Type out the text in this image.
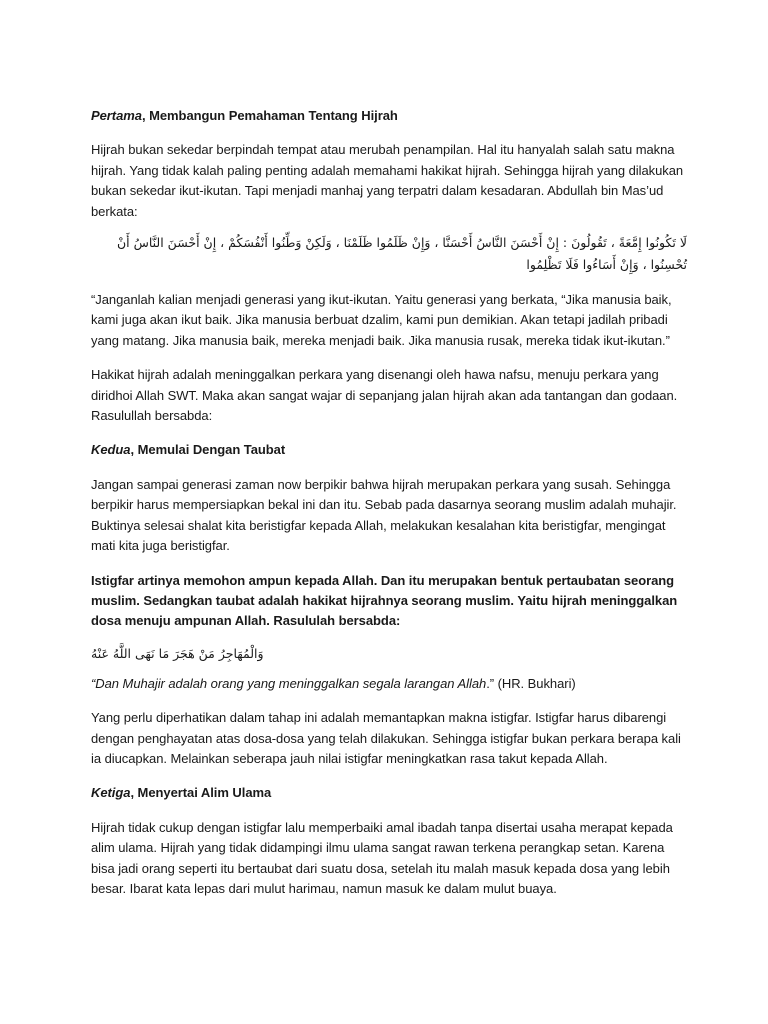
Pertama, Membangun Pemahaman Tentang Hijrah

Hijrah bukan sekedar berpindah tempat atau merubah penampilan. Hal itu hanyalah salah satu makna hijrah. Yang tidak kalah paling penting adalah memahami hakikat hijrah. Sehingga hijrah yang dilakukan bukan sekedar ikut-ikutan. Tapi menjadi manhaj yang terpatri dalam kesadaran. Abdullah bin Mas’ud berkata:

لَا تَكُونُوا إِمَّعَةً ، تَقُولُونَ : إِنْ أَحْسَنَ النَّاسُ أَحْسَنَّا ، وَإِنْ ظَلَمُوا ظَلَمْنَا ، وَلَكِنْ وَطِّنُوا أَنْفُسَكُمْ ، إِنْ أَحْسَنَ النَّاسُ أَنْ تُحْسِنُوا ، وَإِنْ أَسَاءُوا فَلَا تَظْلِمُوا

“Janganlah kalian menjadi generasi yang ikut-ikutan. Yaitu generasi yang berkata, “Jika manusia baik, kami juga akan ikut baik. Jika manusia berbuat dzalim, kami pun demikian. Akan tetapi jadilah pribadi yang matang. Jika manusia baik, mereka menjadi baik. Jika manusia rusak, mereka tidak ikut-ikutan.”

Hakikat hijrah adalah meninggalkan perkara yang disenangi oleh hawa nafsu, menuju perkara yang diridhoi Allah SWT. Maka akan sangat wajar di sepanjang jalan hijrah akan ada tantangan dan godaan. Rasulullah bersabda:

Kedua, Memulai Dengan Taubat

Jangan sampai generasi zaman now berpikir bahwa hijrah merupakan perkara yang susah. Sehingga berpikir harus mempersiapkan bekal ini dan itu. Sebab pada dasarnya seorang muslim adalah muhajir. Buktinya selesai shalat kita beristigfar kepada Allah, melakukan kesalahan kita beristigfar, mengingat mati kita juga beristigfar.

Istigfar artinya memohon ampun kepada Allah. Dan itu merupakan bentuk pertaubatan seorang muslim. Sedangkan taubat adalah hakikat hijrahnya seorang muslim. Yaitu hijrah meninggalkan dosa menuju ampunan Allah. Rasululah bersabda:

وَالْمُهَاجِرُ مَنْ هَجَرَ مَا نَهَى اللَّهُ عَنْهُ

“Dan Muhajir adalah orang yang meninggalkan segala larangan Allah.” (HR. Bukhari)

Yang perlu diperhatikan dalam tahap ini adalah memantapkan makna istigfar. Istigfar harus dibarengi dengan penghayatan atas dosa-dosa yang telah dilakukan. Sehingga istigfar bukan perkara berapa kali ia diucapkan. Melainkan seberapa jauh nilai istigfar meningkatkan rasa takut kepada Allah.

Ketiga, Menyertai Alim Ulama

Hijrah tidak cukup dengan istigfar lalu memperbaiki amal ibadah tanpa disertai usaha merapat kepada alim ulama. Hijrah yang tidak didampingi ilmu ulama sangat rawan terkena perangkap setan. Karena bisa jadi orang seperti itu bertaubat dari suatu dosa, setelah itu malah masuk kepada dosa yang lebih besar. Ibarat kata lepas dari mulut harimau, namun masuk ke dalam mulut buaya.
